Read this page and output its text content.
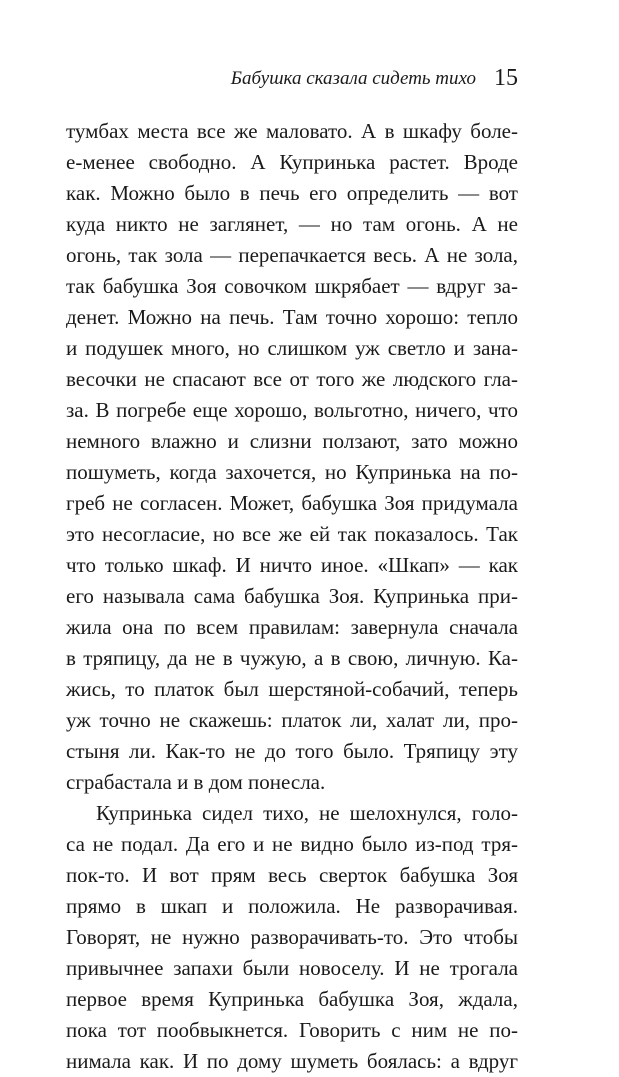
Бабушка сказала сидеть тихо 15
тумбах места все же маловато. А в шкафу боле-
е-менее свободно. А Купринька растет. Вроде
как. Можно было в печь его определить — вот
куда никто не заглянет, — но там огонь. А не
огонь, так зола — перепачкается весь. А не зола,
так бабушка Зоя совочком шкрябает — вдруг за-
денет. Можно на печь. Там точно хорошо: тепло
и подушек много, но слишком уж светло и зана-
весочки не спасают все от того же людского гла-
за. В погребе еще хорошо, вольготно, ничего, что
немного влажно и слизни ползают, зато можно
пошуметь, когда захочется, но Купринька на по-
греб не согласен. Может, бабушка Зоя придумала
это несогласие, но все же ей так показалось. Так
что только шкаф. И ничто иное. «Шкап» — как
его называла сама бабушка Зоя. Купринька при-
жила она по всем правилам: завернула сначала
в тряпицу, да не в чужую, а в свою, личную. Ка-
жись, то платок был шерстяной-собачий, теперь
уж точно не скажешь: платок ли, халат ли, про-
стыня ли. Как-то не до того было. Тряпицу эту
сграбастала и в дом понесла.
Купринька сидел тихо, не шелохнулся, голо-
са не подал. Да его и не видно было из-под тря-
пок-то. И вот прям весь сверток бабушка Зоя
прямо в шкап и положила. Не разворачивая.
Говорят, не нужно разворачивать-то. Это чтобы
привычнее запахи были новоселу. И не трогала
первое время Купринька бабушка Зоя, ждала,
пока тот пообвыкнется. Говорить с ним не по-
нимала как. И по дому шуметь боялась: а вдруг
